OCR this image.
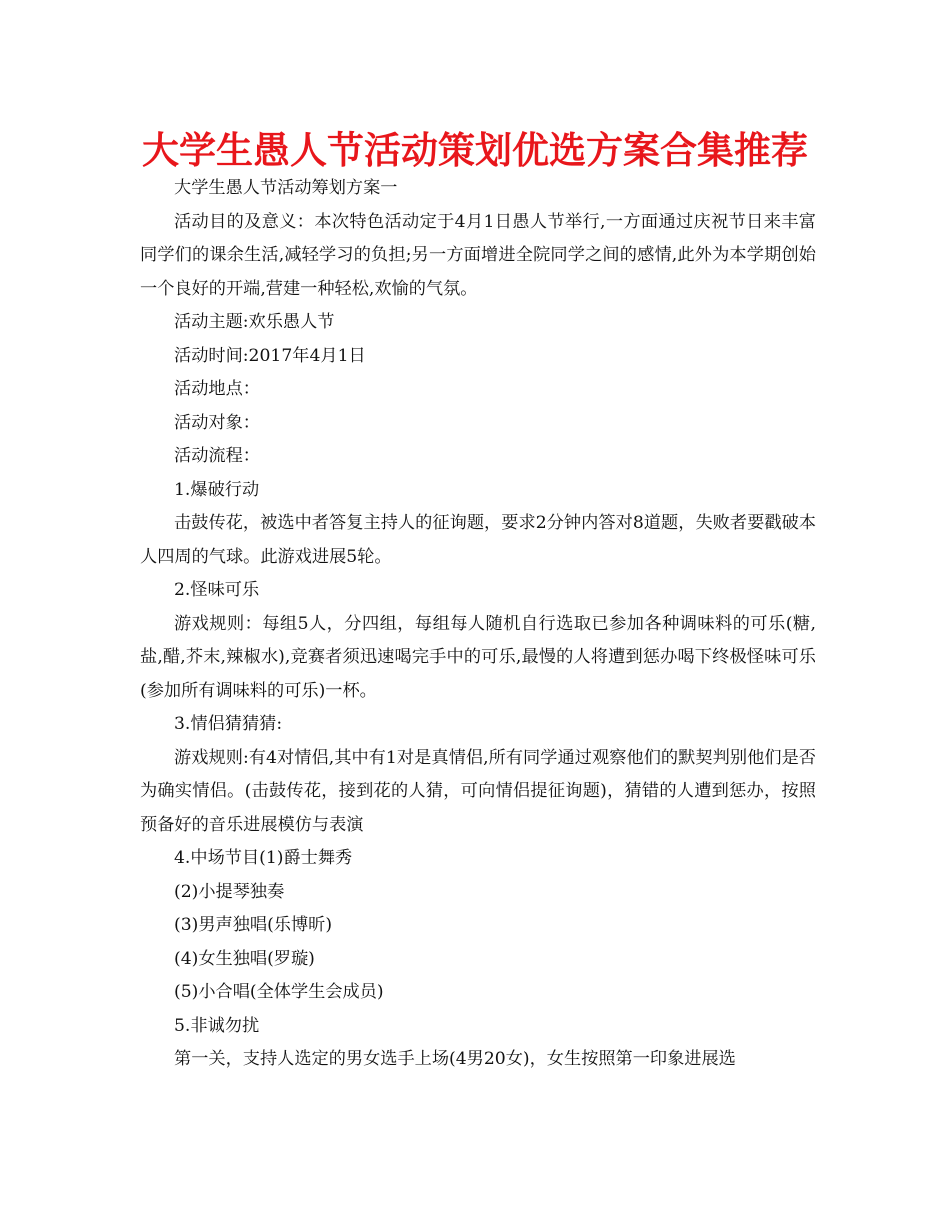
大学生愚人节活动策划优选方案合集推荐

大学生愚人节活动筹划方案一

活动目的及意义：本次特色活动定于4月1日愚人节举行,一方面通过庆祝节日来丰富同学们的课余生活,减轻学习的负担;另一方面增进全院同学之间的感情,此外为本学期创始一个良好的开端,营建一种轻松,欢愉的气氛。

活动主题:欢乐愚人节

活动时间:2017年4月1日

活动地点：

活动对象：

活动流程：

1.爆破行动

击鼓传花，被选中者答复主持人的征询题，要求2分钟内答对8道题，失败者要戳破本人四周的气球。此游戏进展5轮。

2.怪味可乐

游戏规则：每组5人，分四组，每组每人随机自行选取已参加各种调味料的可乐(糖,盐,醋,芥末,辣椒水),竞赛者须迅速喝完手中的可乐,最慢的人将遭到惩办喝下终极怪味可乐(参加所有调味料的可乐)一杯。

3.情侣猜猜猜:

游戏规则:有4对情侣,其中有1对是真情侣,所有同学通过观察他们的默契判别他们是否为确实情侣。(击鼓传花，接到花的人猜，可向情侣提征询题)，猜错的人遭到惩办，按照预备好的音乐进展模仿与表演

4.中场节目(1)爵士舞秀

(2)小提琴独奏

(3)男声独唱(乐博昕)

(4)女生独唱(罗璇)

(5)小合唱(全体学生会成员)

5.非诚勿扰

第一关，支持人选定的男女选手上场(4男20女)，女生按照第一印象进展选
